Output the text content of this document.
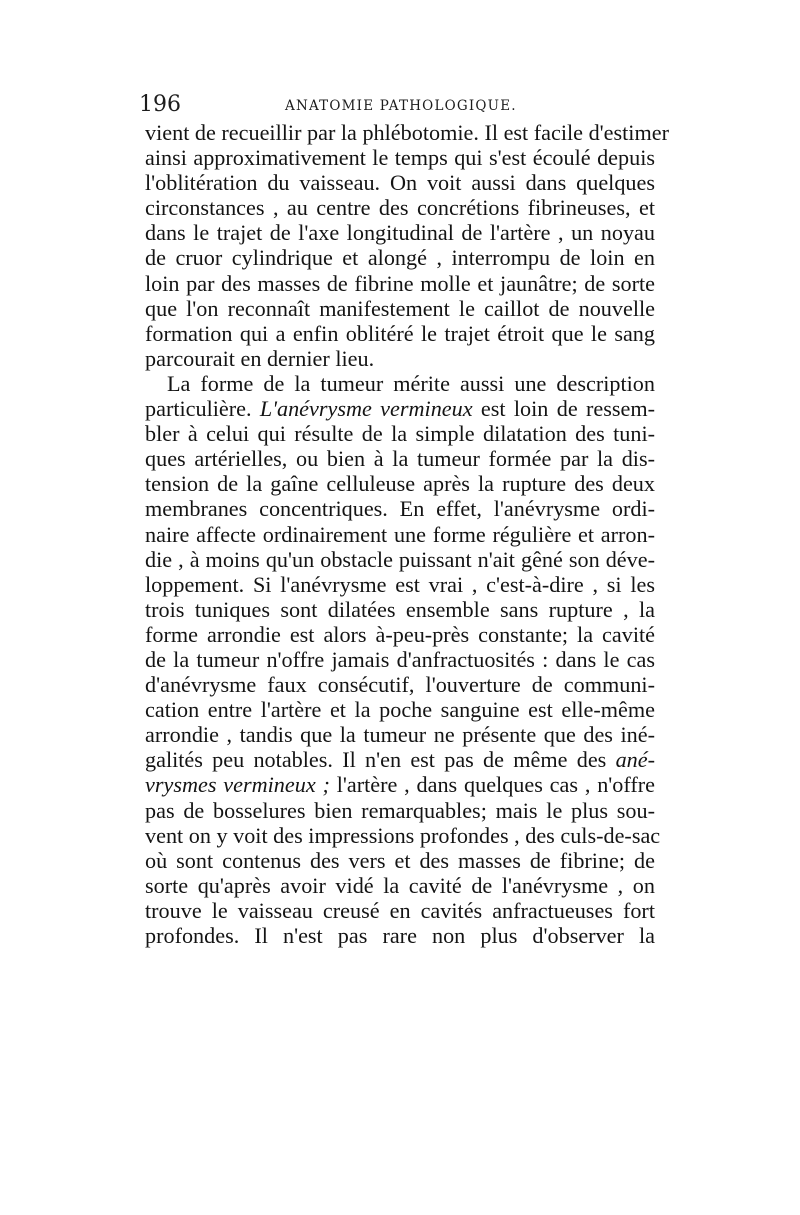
196	ANATOMIE PATHOLOGIQUE.
vient de recueillir par la phlébotomie. Il est facile d'estimer
ainsi approximativement le temps qui s'est écoulé depuis
l'oblitération du vaisseau. On voit aussi dans quelques
circonstances , au centre des concrétions fibrineuses, et
dans le trajet de l'axe longitudinal de l'artère , un noyau
de cruor cylindrique et alongé , interrompu de loin en
loin par des masses de fibrine molle et jaunâtre; de sorte
que l'on reconnaît manifestement le caillot de nouvelle
formation qui a enfin oblitéré le trajet étroit que le sang
parcourait en dernier lieu.
La forme de la tumeur mérite aussi une description
particulière. L'anévrysme vermineux est loin de ressem-
bler à celui qui résulte de la simple dilatation des tuni-
ques artérielles, ou bien à la tumeur formée par la dis-
tension de la gaîne celluleuse après la rupture des deux
membranes concentriques. En effet, l'anévrysme ordi-
naire affecte ordinairement une forme régulière et arron-
die , à moins qu'un obstacle puissant n'ait gêné son déve-
loppement. Si l'anévrysme est vrai , c'est-à-dire , si les
trois tuniques sont dilatées ensemble sans rupture , la
forme arrondie est alors à-peu-près constante; la cavité
de la tumeur n'offre jamais d'anfractuosités : dans le cas
d'anévrysme faux consécutif, l'ouverture de communi-
cation entre l'artère et la poche sanguine est elle-même
arrondie , tandis que la tumeur ne présente que des iné-
galités peu notables. Il n'en est pas de même des ané-
vrysmes vermineux ; l'artère , dans quelques cas , n'offre
pas de bosselures bien remarquables; mais le plus sou-
vent on y voit des impressions profondes , des culs-de-sac
où sont contenus des vers et des masses de fibrine; de
sorte qu'après avoir vidé la cavité de l'anévrysme , on
trouve le vaisseau creusé en cavités anfractueuses fort
profondes. Il n'est pas rare non plus d'observer la
